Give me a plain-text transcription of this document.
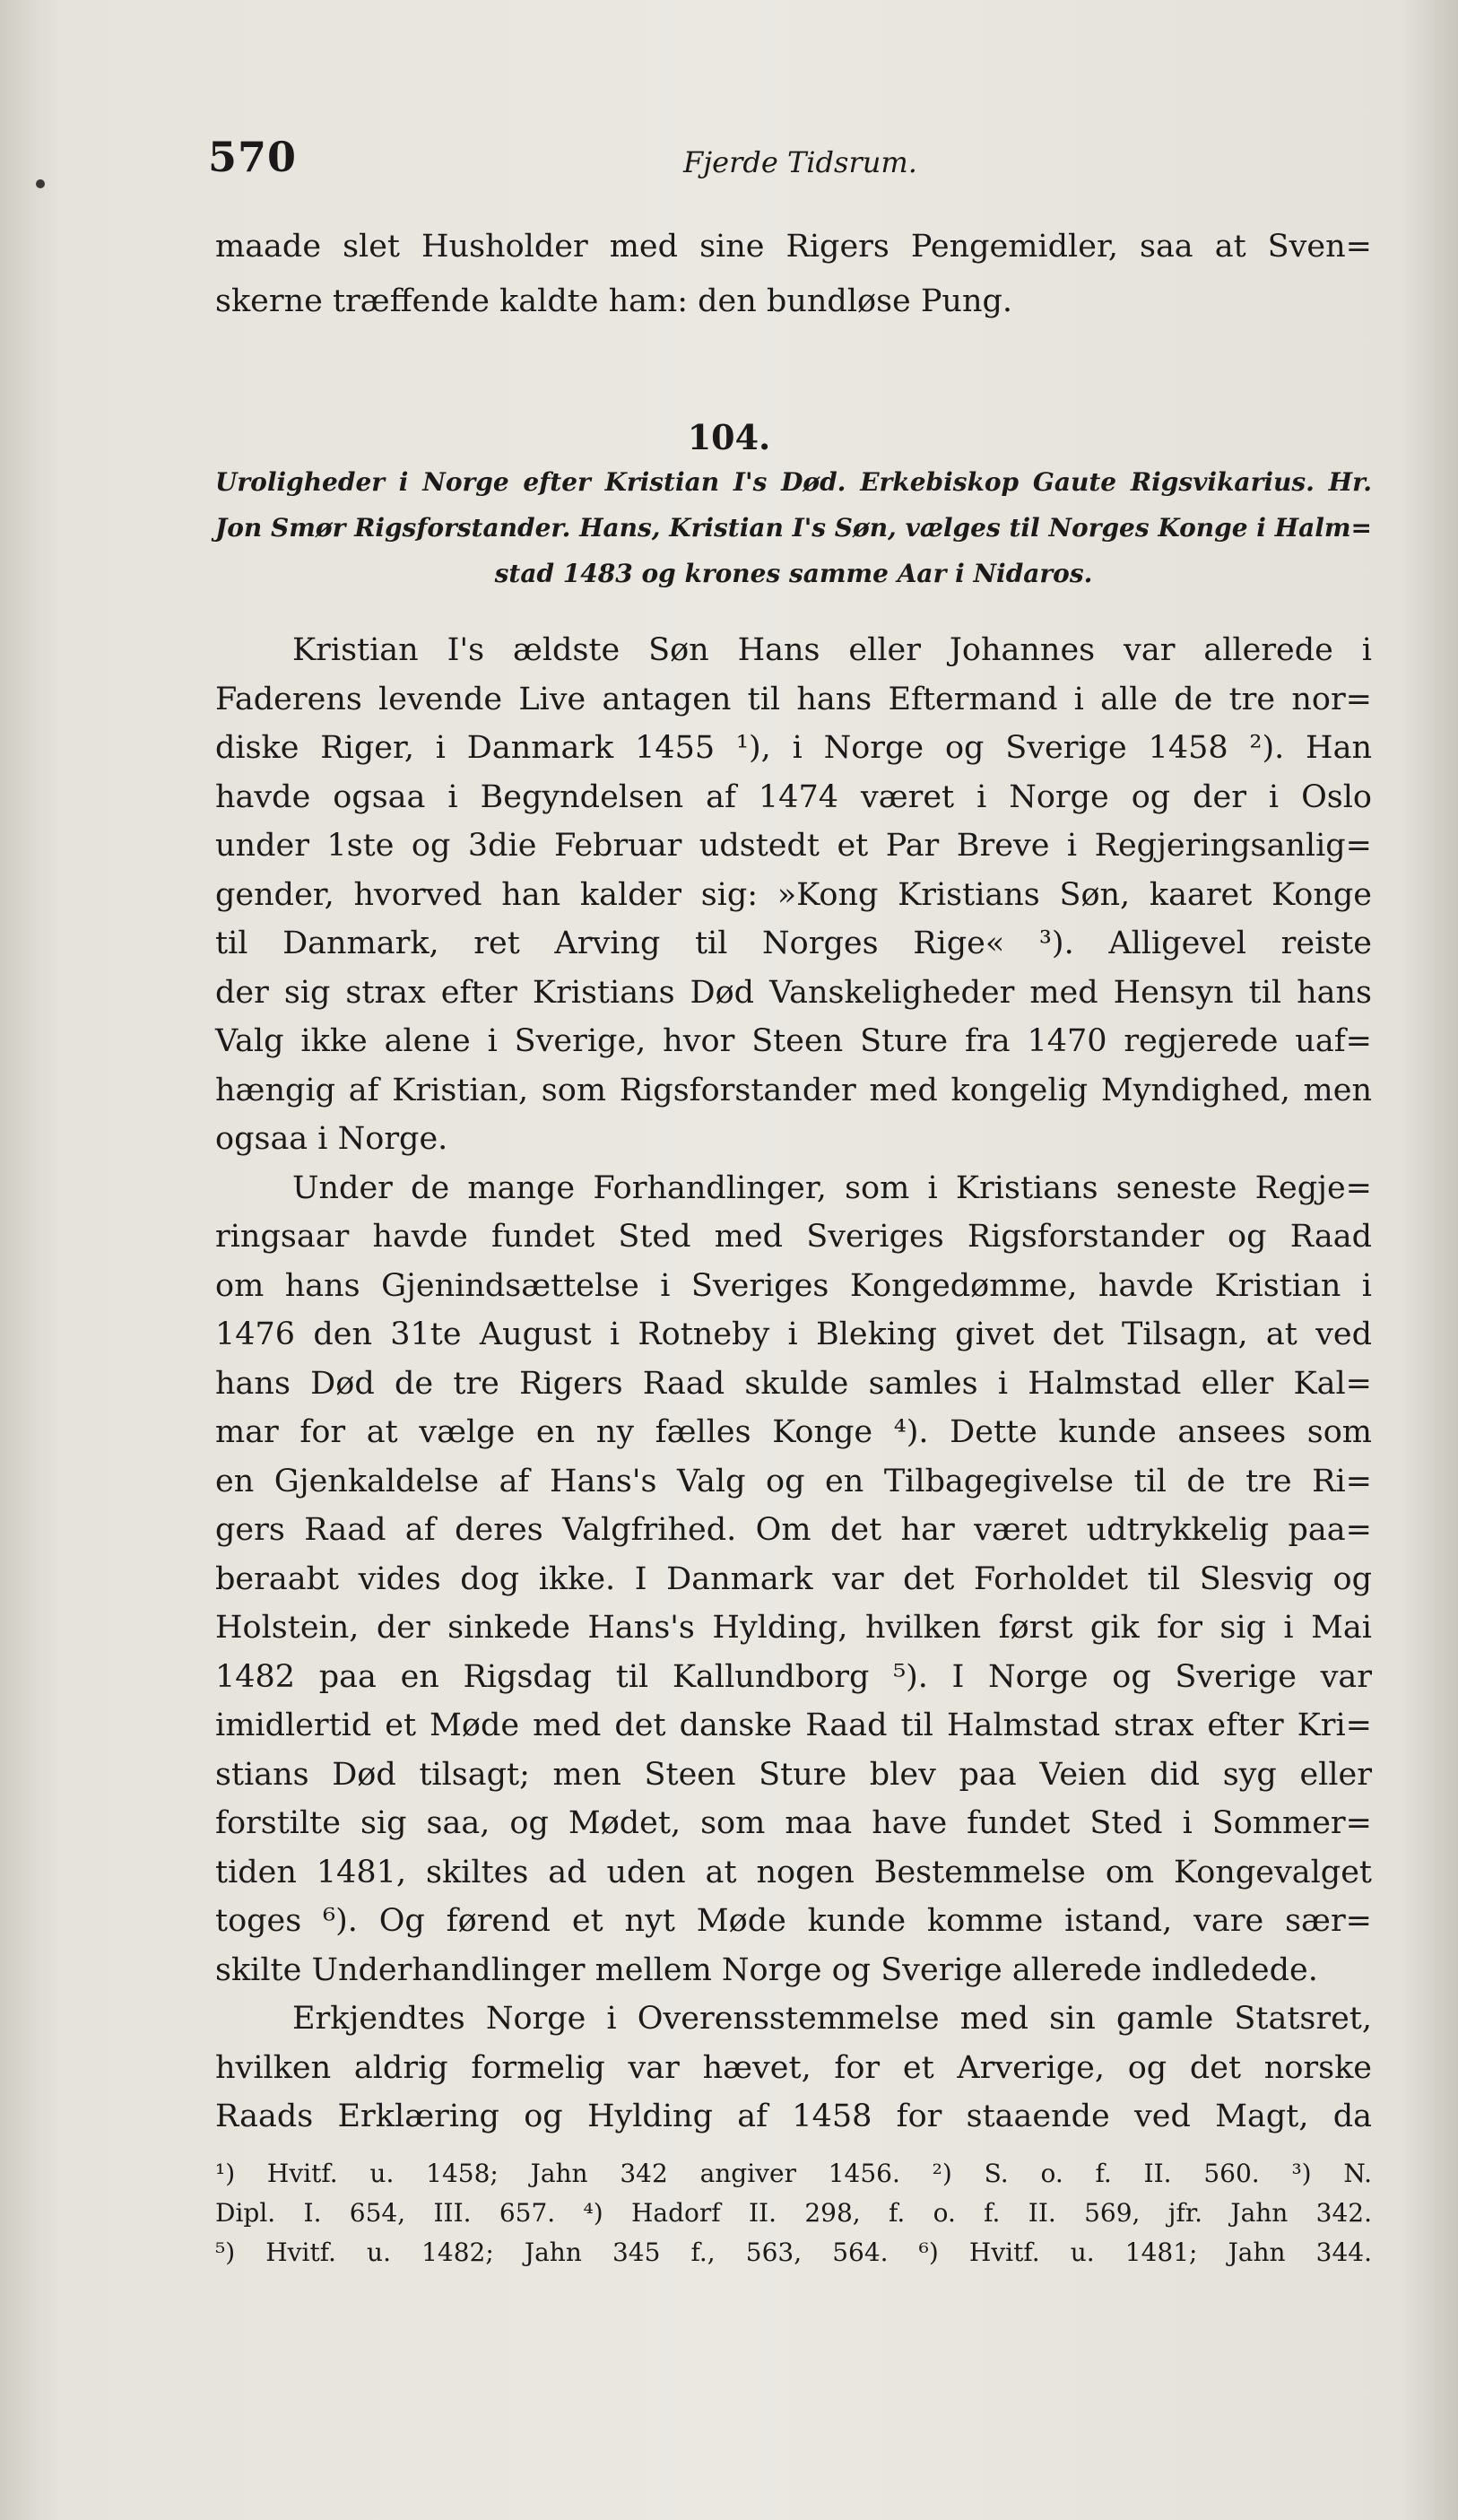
570	Fjerde Tidsrum.
maade slet Husholder med sine Rigers Pengemidler, saa at Sven=
skerne træffende kaldte ham: den bundløse Pung.
104.
Uroligheder i Norge efter Kristian I's Død. Erkebiskop Gaute Rigsvikarius. Hr.
Jon Smør Rigsforstander. Hans, Kristian I's Søn, vælges til Norges Konge i Halm=
stad 1483 og krones samme Aar i Nidaros.
Kristian I's ældste Søn Hans eller Johannes var allerede i
Faderens levende Live antagen til hans Eftermand i alle de tre nor=
diske Riger, i Danmark 1455 ¹), i Norge og Sverige 1458 ²). Han
havde ogsaa i Begyndelsen af 1474 været i Norge og der i Oslo
under 1ste og 3die Februar udstedt et Par Breve i Regjeringsanlig=
gender, hvorved han kalder sig: »Kong Kristians Søn, kaaret Konge
til Danmark, ret Arving til Norges Rige« ³). Alligevel reiste
der sig strax efter Kristians Død Vanskeligheder med Hensyn til hans
Valg ikke alene i Sverige, hvor Steen Sture fra 1470 regjerede uaf=
hængig af Kristian, som Rigsforstander med kongelig Myndighed, men
ogsaa i Norge.
Under de mange Forhandlinger, som i Kristians seneste Regje=
ringsaar havde fundet Sted med Sveriges Rigsforstander og Raad
om hans Gjenindsættelse i Sveriges Kongedømme, havde Kristian i
1476 den 31te August i Rotneby i Bleking givet det Tilsagn, at ved
hans Død de tre Rigers Raad skulde samles i Halmstad eller Kal=
mar for at vælge en ny fælles Konge ⁴). Dette kunde ansees som
en Gjenkaldelse af Hans's Valg og en Tilbagegivelse til de tre Ri=
gers Raad af deres Valgfrihed. Om det har været udtrykkelig paa=
beraabt vides dog ikke. I Danmark var det Forholdet til Slesvig og
Holstein, der sinkede Hans's Hylding, hvilken først gik for sig i Mai
1482 paa en Rigsdag til Kallundborg ⁵). I Norge og Sverige var
imidlertid et Møde med det danske Raad til Halmstad strax efter Kri=
stians Død tilsagt; men Steen Sture blev paa Veien did syg eller
forstilte sig saa, og Mødet, som maa have fundet Sted i Sommer=
tiden 1481, skiltes ad uden at nogen Bestemmelse om Kongevalget
toges ⁶). Og førend et nyt Møde kunde komme istand, vare sær=
skilte Underhandlinger mellem Norge og Sverige allerede indledede.
Erkjendtes Norge i Overensstemmelse med sin gamle Statsret,
hvilken aldrig formelig var hævet, for et Arverige, og det norske
Raads Erklæring og Hylding af 1458 for staaende ved Magt, da
¹) Hvitf. u. 1458; Jahn 342 angiver 1456. ²) S. o. f. II. 560. ³) N.
Dipl. I. 654, III. 657. ⁴) Hadorf II. 298, f. o. f. II. 569, jfr. Jahn 342.
⁵) Hvitf. u. 1482; Jahn 345 f., 563, 564. ⁶) Hvitf. u. 1481; Jahn 344.
